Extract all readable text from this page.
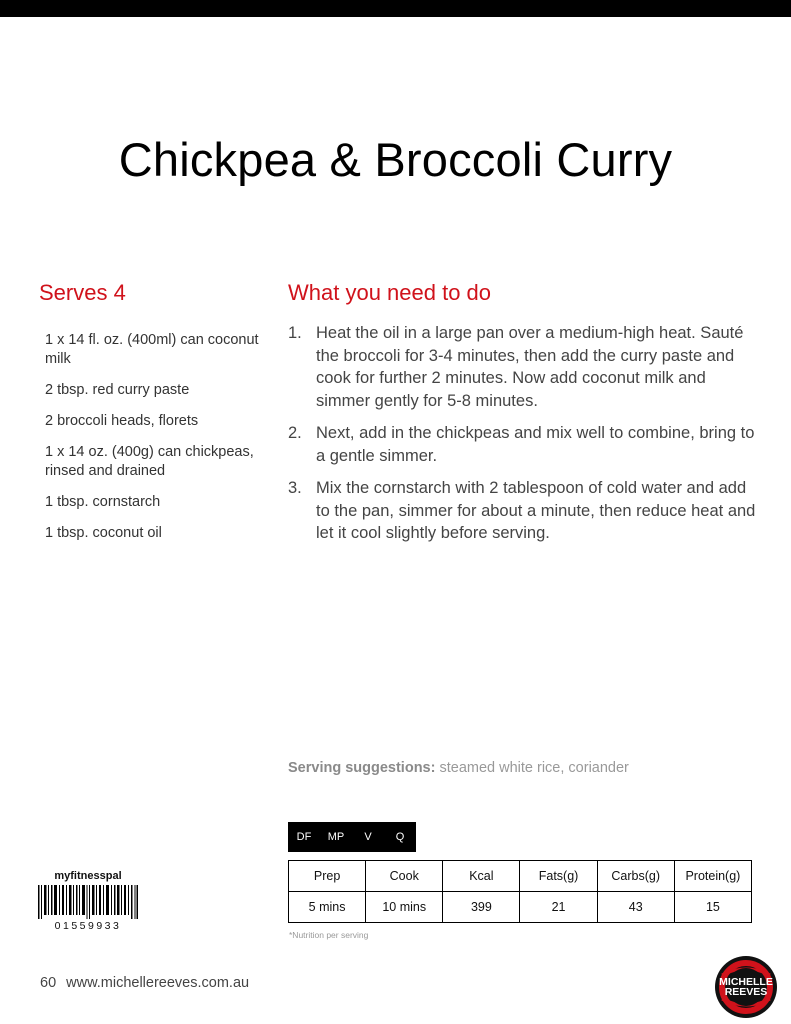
Chickpea & Broccoli Curry
Serves 4	What you need to do
1 x 14 fl. oz. (400ml) can coconut milk
2 tbsp. red curry paste
2 broccoli heads, florets
1 x 14 oz. (400g) can chickpeas, rinsed and drained
1 tbsp. cornstarch
1 tbsp. coconut oil
1. Heat the oil in a large pan over a medium-high heat. Sauté the broccoli for 3-4 minutes, then add the curry paste and cook for further 2 minutes. Now add coconut milk and simmer gently for 5-8 minutes.
2. Next, add in the chickpeas and mix well to combine, bring to a gentle simmer.
3. Mix the cornstarch with 2 tablespoon of cold water and add to the pan, simmer for about a minute, then reduce heat and let it cool slightly before serving.
Serving suggestions: steamed white rice, coriander
DF	MP	V	Q
Prep	Cook	Kcal	Fats(g)	Carbs(g)	Protein(g)
5 mins	10 mins	399	21	43	15
*Nutrition per serving
myfitnesspal
01559933
60 www.michellereeves.com.au	MICHELLE
REEVES
